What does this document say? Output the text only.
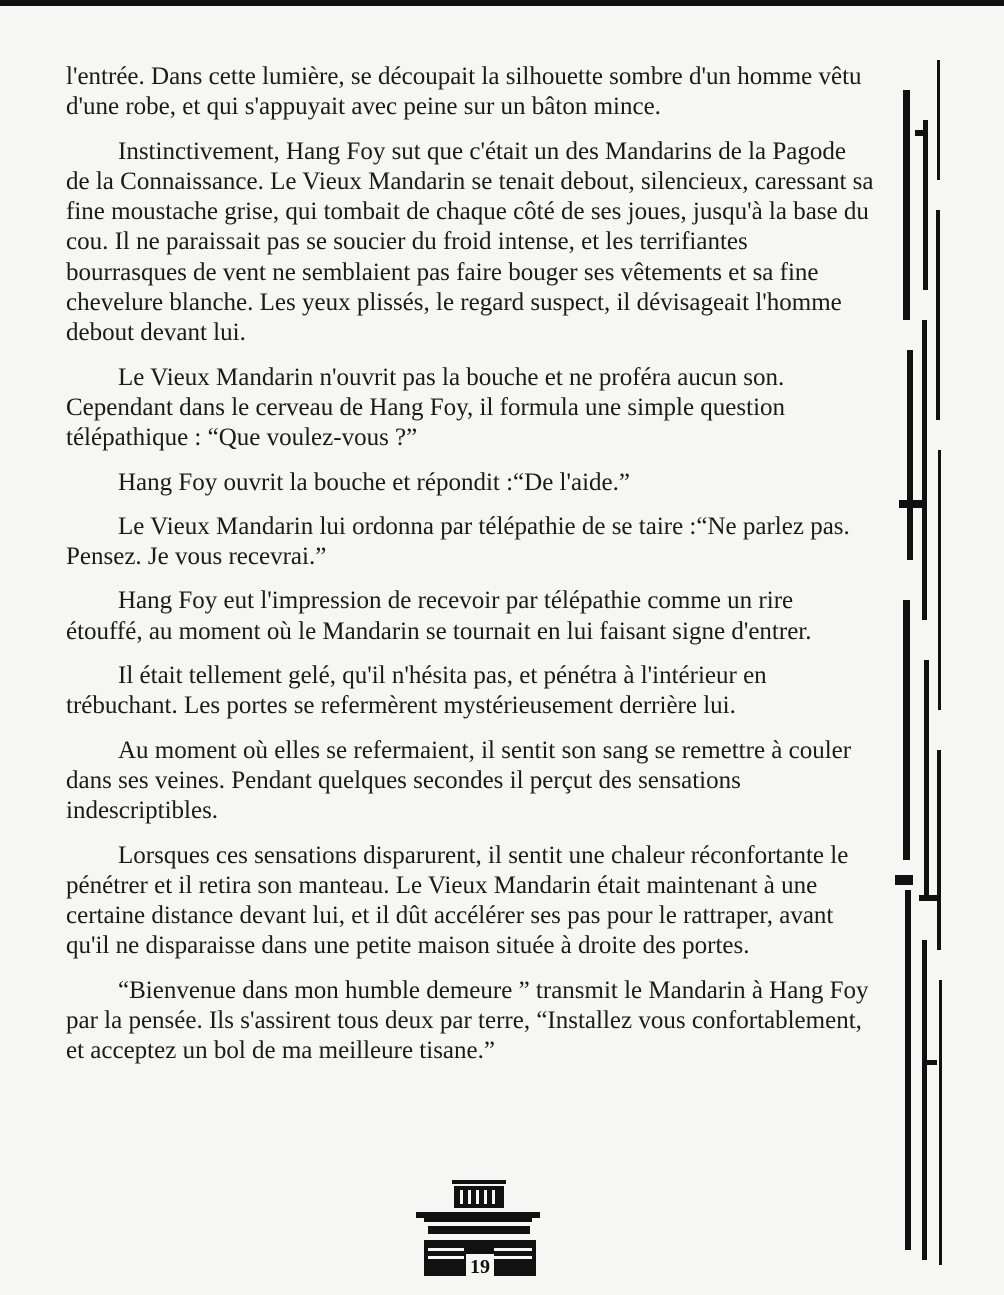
l'entrée. Dans cette lumière, se découpait la silhouette sombre d'un homme vêtu d'une robe, et qui s'appuyait avec peine sur un bâton mince.

Instinctivement, Hang Foy sut que c'était un des Mandarins de la Pagode de la Connaissance. Le Vieux Mandarin se tenait debout, silencieux, caressant sa fine moustache grise, qui tombait de chaque côté de ses joues, jusqu'à la base du cou. Il ne paraissait pas se soucier du froid intense, et les terrifiantes bourrasques de vent ne semblaient pas faire bouger ses vêtements et sa fine chevelure blanche. Les yeux plissés, le regard suspect, il dévisageait l'homme debout devant lui.

Le Vieux Mandarin n'ouvrit pas la bouche et ne proféra aucun son. Cependant dans le cerveau de Hang Foy, il formula une simple question télépathique : “Que voulez-vous ?”

Hang Foy ouvrit la bouche et répondit :“De l'aide.”

Le Vieux Mandarin lui ordonna par télépathie de se taire :“Ne parlez pas. Pensez. Je vous recevrai.”

Hang Foy eut l'impression de recevoir par télépathie comme un rire étouffé, au moment où le Mandarin se tournait en lui faisant signe d'entrer.

Il était tellement gelé, qu'il n'hésita pas, et pénétra à l'intérieur en trébuchant. Les portes se refermèrent mystérieusement derrière lui.

Au moment où elles se refermaient, il sentit son sang se remettre à couler dans ses veines. Pendant quelques secondes il perçut des sensations indescriptibles.

Lorsques ces sensations disparurent, il sentit une chaleur réconfortante le pénétrer et il retira son manteau. Le Vieux Mandarin était maintenant à une certaine distance devant lui, et il dût accélérer ses pas pour le rattraper, avant qu'il ne disparaisse dans une petite maison située à droite des portes.

“Bienvenue dans mon humble demeure ” transmit le Mandarin à Hang Foy par la pensée. Ils s'assirent tous deux par terre, “Installez vous confortablement, et acceptez un bol de ma meilleure tisane.”

19
